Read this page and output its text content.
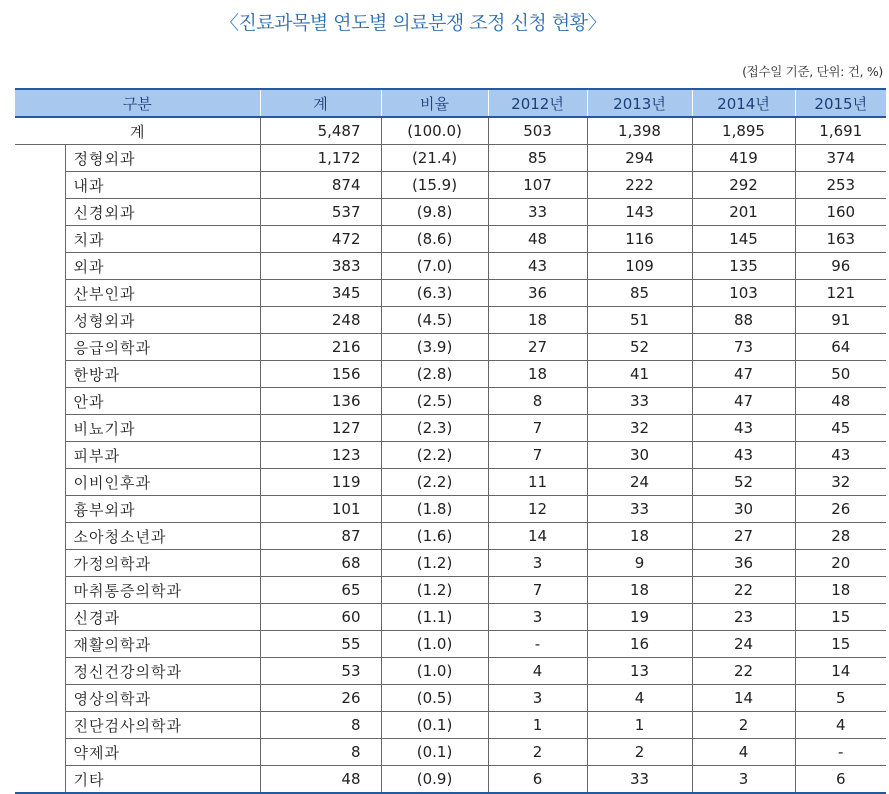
〈진료과목별 연도별 의료분쟁 조정 신청 현황〉
(접수일 기준, 단위: 건, %)
구분		계	비율	2012년	2013년	2014년	2015년
계		5,487	(100.0)	503	1,398	1,895	1,691
	정형외과	1,172	(21.4)	85	294	419	374
	내과	874	(15.9)	107	222	292	253
	신경외과	537	(9.8)	33	143	201	160
	치과	472	(8.6)	48	116	145	163
	외과	383	(7.0)	43	109	135	96
	산부인과	345	(6.3)	36	85	103	121
	성형외과	248	(4.5)	18	51	88	91
	응급의학과	216	(3.9)	27	52	73	64
	한방과	156	(2.8)	18	41	47	50
	안과	136	(2.5)	8	33	47	48
	비뇨기과	127	(2.3)	7	32	43	45
	피부과	123	(2.2)	7	30	43	43
	이비인후과	119	(2.2)	11	24	52	32
	흉부외과	101	(1.8)	12	33	30	26
	소아청소년과	87	(1.6)	14	18	27	28
	가정의학과	68	(1.2)	3	9	36	20
	마취통증의학과	65	(1.2)	7	18	22	18
	신경과	60	(1.1)	3	19	23	15
	재활의학과	55	(1.0)	-	16	24	15
	정신건강의학과	53	(1.0)	4	13	22	14
	영상의학과	26	(0.5)	3	4	14	5
	진단검사의학과	8	(0.1)	1	1	2	4
	약제과	8	(0.1)	2	2	4	-
	기타	48	(0.9)	6	33	3	6
